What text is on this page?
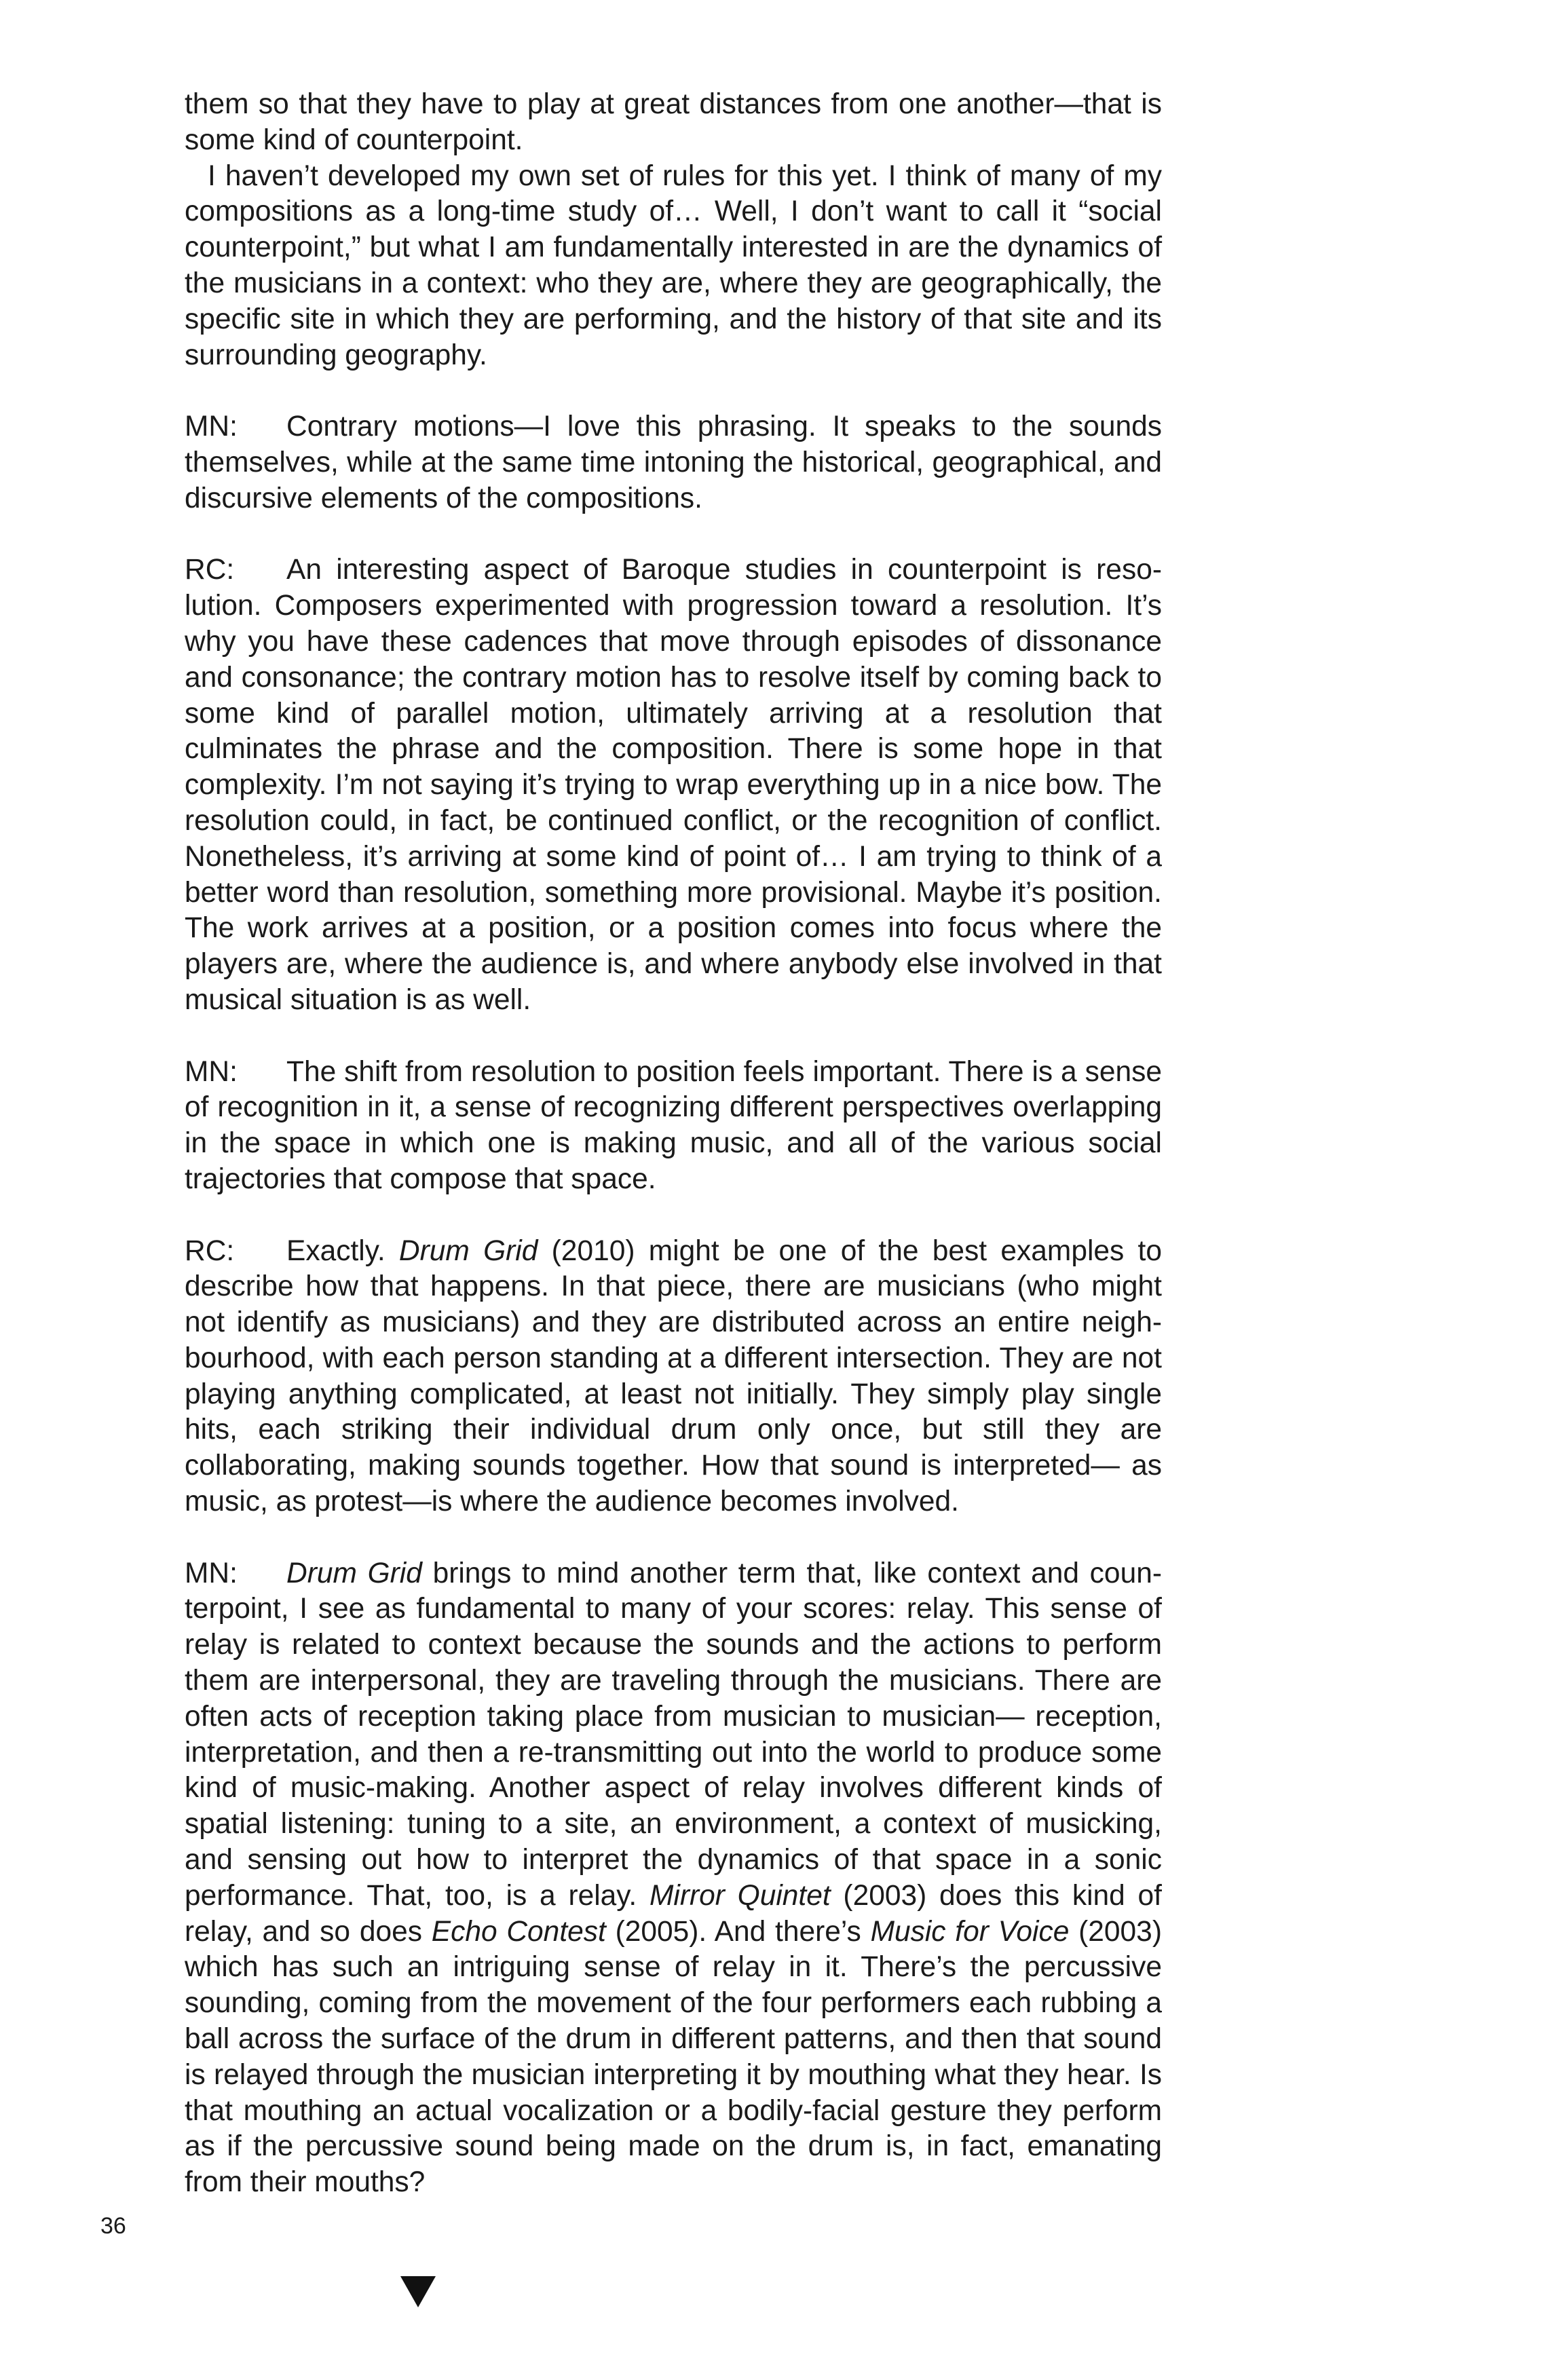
them so that they have to play at great distances from one another—that is some kind of counterpoint.

I haven’t developed my own set of rules for this yet. I think of many of my compositions as a long-time study of… Well, I don’t want to call it “social counterpoint,” but what I am fundamentally interested in are the dynamics of the musicians in a context: who they are, where they are geographically, the specific site in which they are performing, and the history of that site and its surrounding geography.

MN: Contrary motions—I love this phrasing. It speaks to the sounds themselves, while at the same time intoning the historical, geographical, and discursive elements of the compositions.

RC: An interesting aspect of Baroque studies in counterpoint is resolution. Composers experimented with progression toward a resolution. It’s why you have these cadences that move through episodes of dissonance and consonance; the contrary motion has to resolve itself by coming back to some kind of parallel motion, ultimately arriving at a resolution that culminates the phrase and the composition. There is some hope in that complexity. I’m not saying it’s trying to wrap everything up in a nice bow. The resolution could, in fact, be continued conflict, or the recognition of conflict. Nonetheless, it’s arriving at some kind of point of… I am trying to think of a better word than resolution, something more provisional. Maybe it’s position. The work arrives at a position, or a position comes into focus where the players are, where the audience is, and where anybody else involved in that musical situation is as well.

MN: The shift from resolution to position feels important. There is a sense of recognition in it, a sense of recognizing different perspectives overlapping in the space in which one is making music, and all of the various social trajectories that compose that space.

RC: Exactly. Drum Grid (2010) might be one of the best examples to describe how that happens. In that piece, there are musicians (who might not identify as musicians) and they are distributed across an entire neighbourhood, with each person standing at a different intersection. They are not playing anything complicated, at least not initially. They simply play single hits, each striking their individual drum only once, but still they are collaborating, making sounds together. How that sound is interpreted— as music, as protest—is where the audience becomes involved.

MN: Drum Grid brings to mind another term that, like context and counterpoint, I see as fundamental to many of your scores: relay. This sense of relay is related to context because the sounds and the actions to perform them are interpersonal, they are traveling through the musicians. There are often acts of reception taking place from musician to musician— reception, interpretation, and then a re-transmitting out into the world to produce some kind of music-making. Another aspect of relay involves different kinds of spatial listening: tuning to a site, an environment, a context of musicking, and sensing out how to interpret the dynamics of that space in a sonic performance. That, too, is a relay. Mirror Quintet (2003) does this kind of relay, and so does Echo Contest (2005). And there’s Music for Voice (2003) which has such an intriguing sense of relay in it. There’s the percussive sounding, coming from the movement of the four performers each rubbing a ball across the surface of the drum in different patterns, and then that sound is relayed through the musician interpreting it by mouthing what they hear. Is that mouthing an actual vocalization or a bodily-facial gesture they perform as if the percussive sound being made on the drum is, in fact, emanating from their mouths?

36
